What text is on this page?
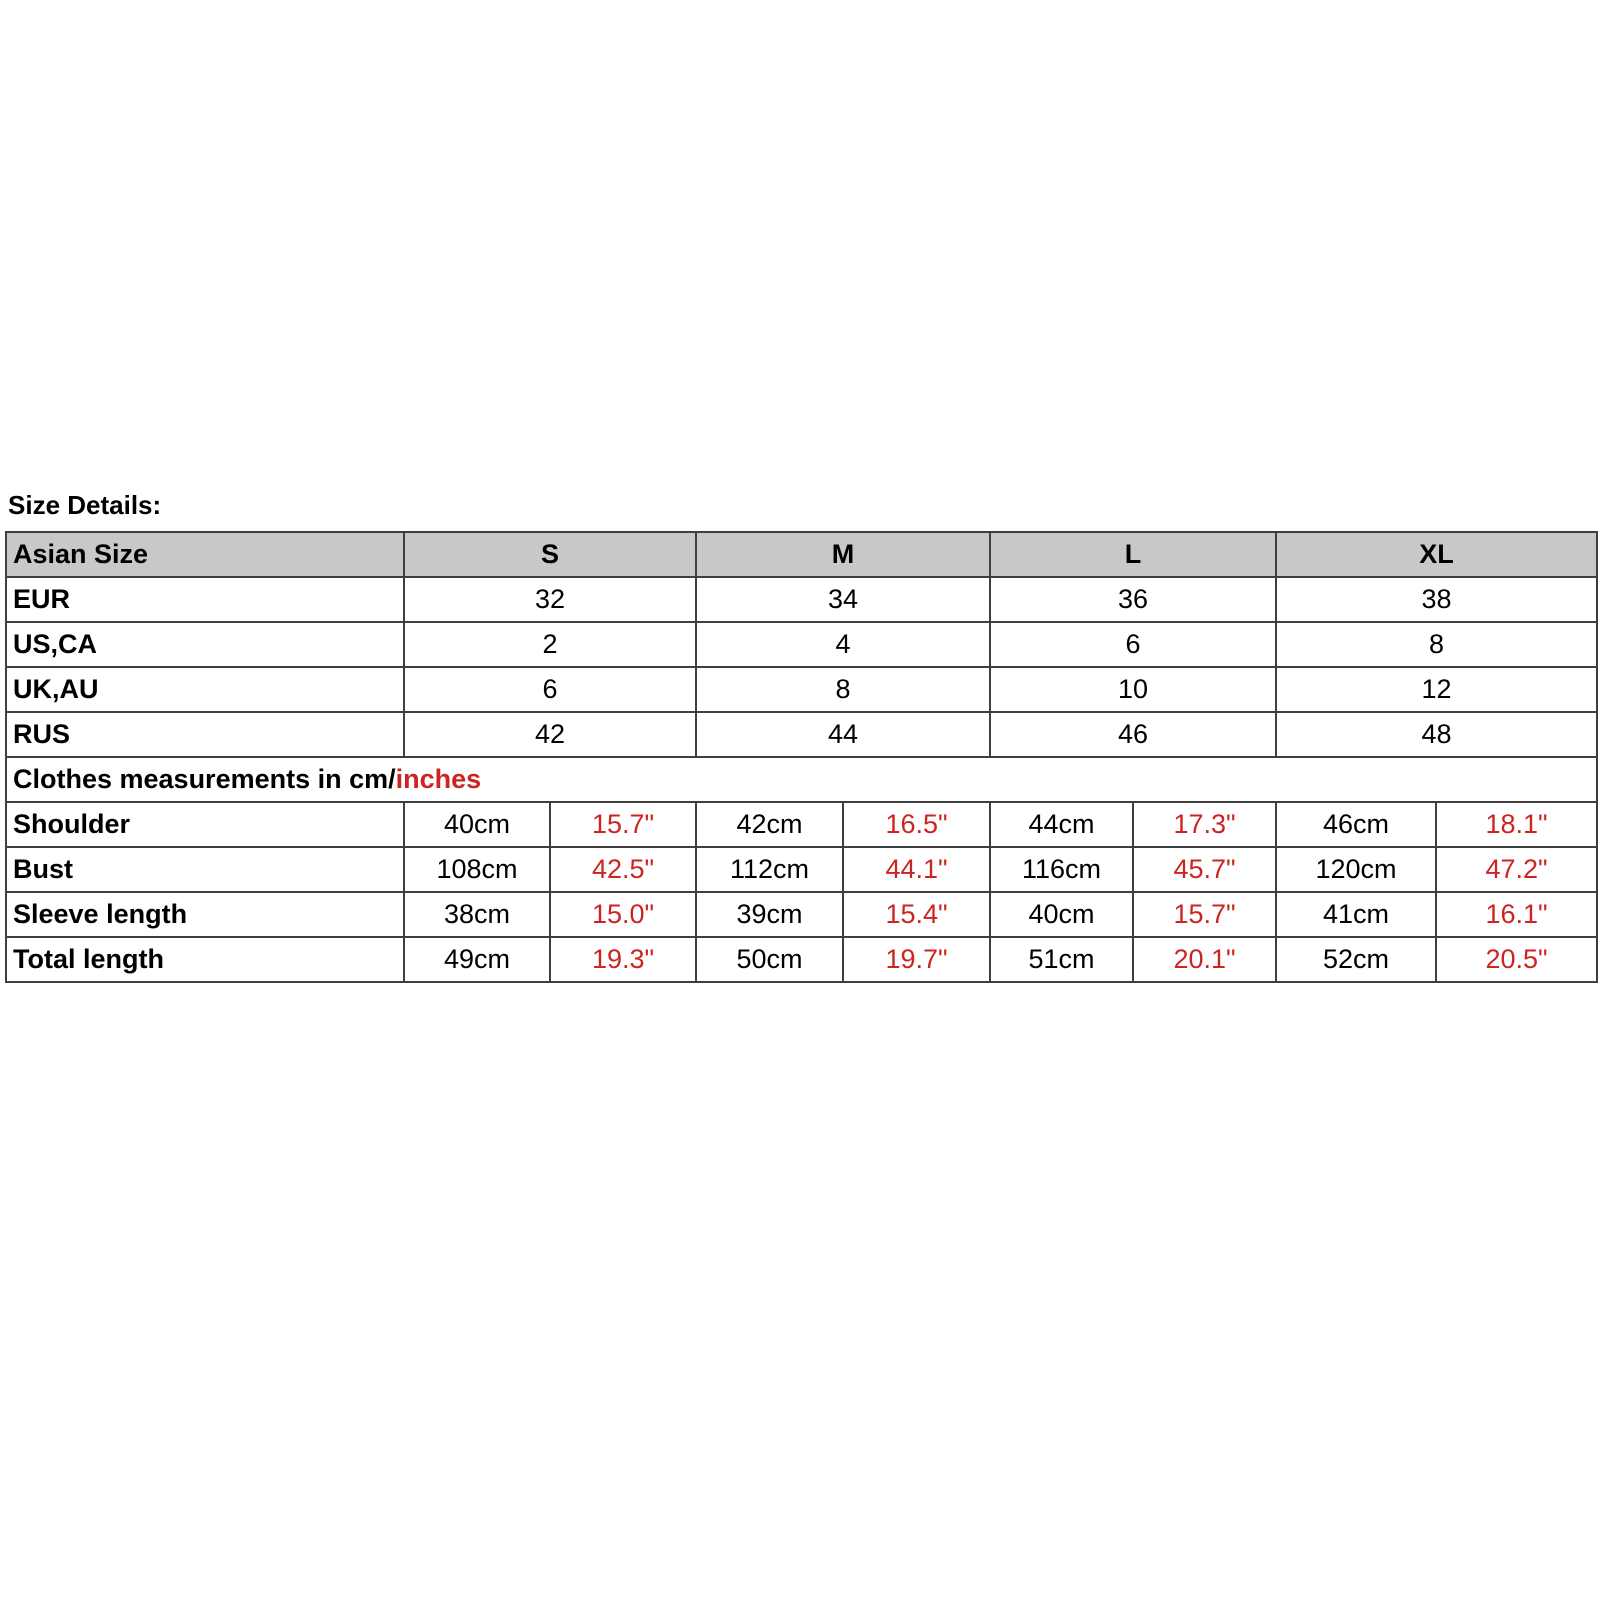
Size Details:
Asian Size	S		M		L		XL	
EUR	32		34		36		38	
US,CA	2		4		6		8	
UK,AU	6		8		10		12	
RUS	42		44		46		48	
Clothes measurements in cm/inches								
Shoulder	40cm	15.7"	42cm	16.5"	44cm	17.3"	46cm	18.1"
Bust	108cm	42.5"	112cm	44.1"	116cm	45.7"	120cm	47.2"
Sleeve length	38cm	15.0"	39cm	15.4"	40cm	15.7"	41cm	16.1"
Total length	49cm	19.3"	50cm	19.7"	51cm	20.1"	52cm	20.5"
